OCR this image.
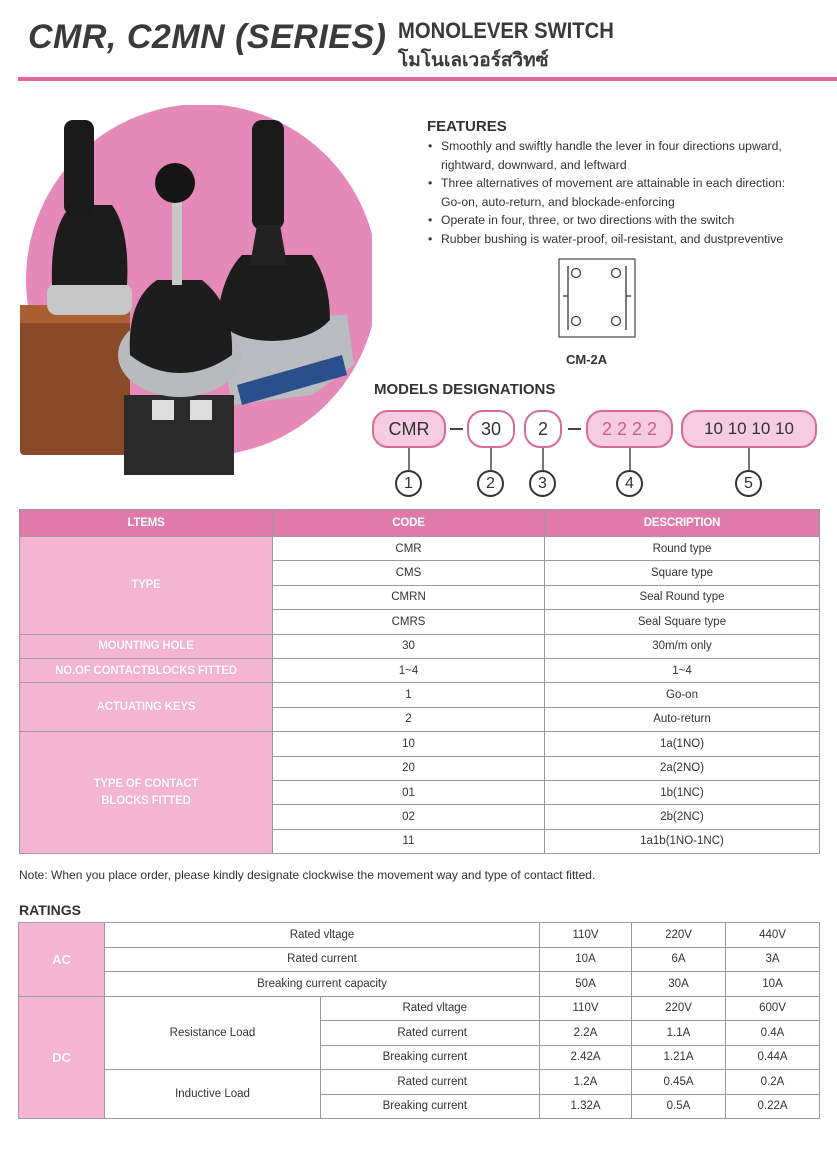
CMR, C2MN (SERIES) MONOLEVER SWITCH
โมโนเลเวอร์สวิทซ์
FEATURES
• Smoothly and swiftly handle the lever in four directions upward, rightward, downward, and leftward
• Three alternatives of movement are attainable in each direction: Go-on, auto-return, and blockade-enforcing
• Operate in four, three, or two directions with the switch
• Rubber bushing is water-proof, oil-resistant, and dustpreventive
CM-2A
MODELS DESIGNATIONS
CMR	30	2	2 2 2 2	10 10 10 10
1	2	3	4	5
LTEMS	CODE	DESCRIPTION
TYPE	CMR	Round type
	CMS	Square type
	CMRN	Seal Round type
	CMRS	Seal Square type
MOUNTING HOLE	30	30m/m only
NO.OF CONTACTBLOCKS FITTED	1~4	1~4
ACTUATING KEYS	1	Go-on
	2	Auto-return

TYPE OF CONTACT
BLOCKS FITTED	10	1a(1NO)
	20	2a(2NO)
	01	1b(1NC)
	02	2b(2NC)
	11	1a1b(1NO-1NC)
Note: When you place order, please kindly designate clockwise the movement way and type of contact fitted.
RATINGS
AC	Rated vltage		110V	220V	440V
	Rated current		10A	6A	3A
	Breaking current capacity		50A	30A	10A
DC	Resistance Load	Rated vltage	110V	220V	600V
		Rated current	2.2A	1.1A	0.4A
		Breaking current	2.42A	1.21A	0.44A
	Inductive Load	Rated current	1.2A	0.45A	0.2A
		Breaking current	1.32A	0.5A	0.22A
